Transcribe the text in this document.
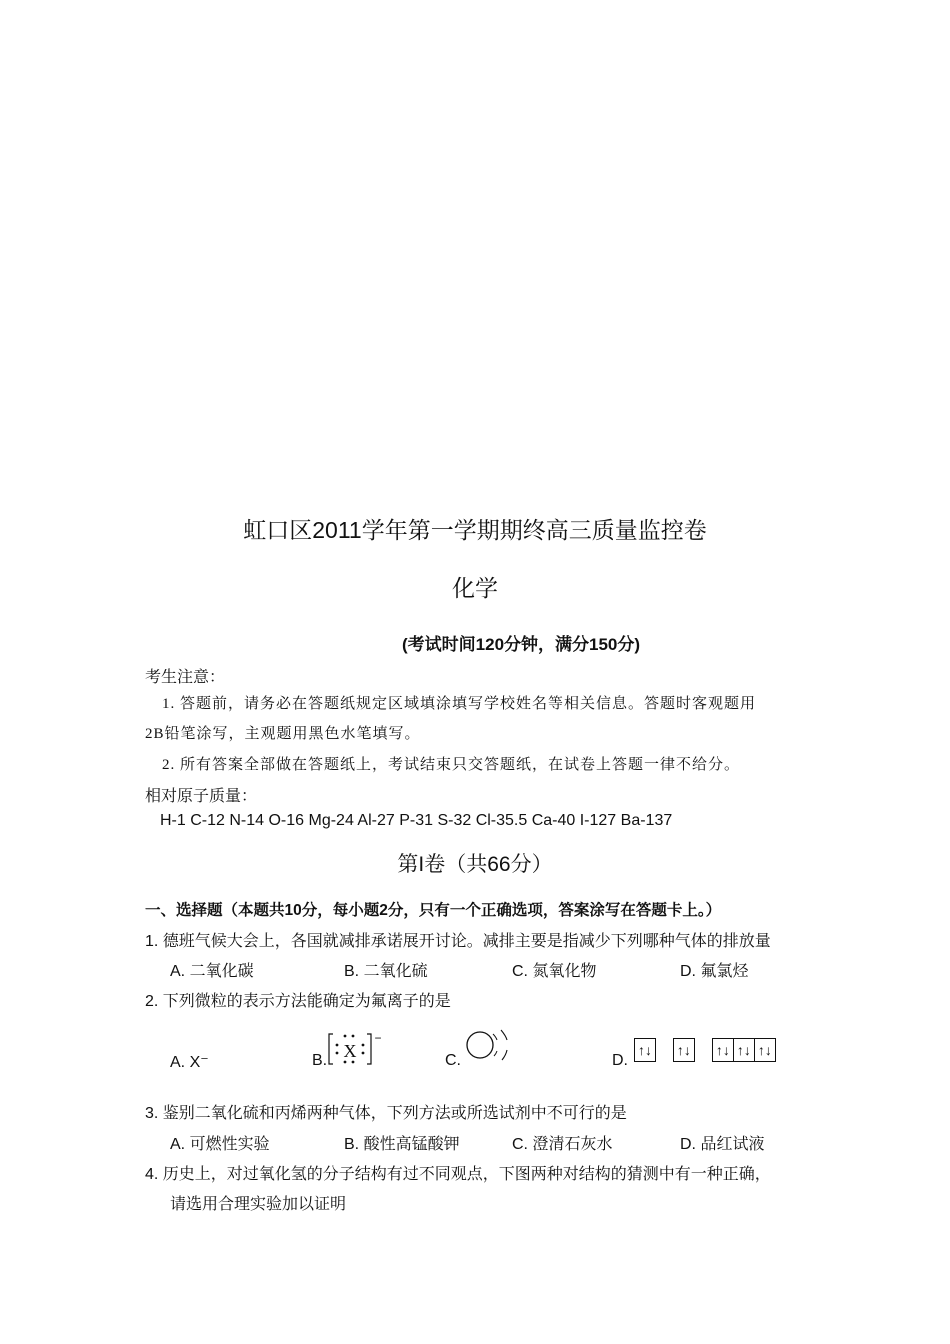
虹口区2011学年第一学期期终高三质量监控卷
化学
(考试时间120分钟，满分150分)
考生注意：
1. 答题前，请务必在答题纸规定区域填涂填写学校姓名等相关信息。答题时客观题用
2B铅笔涂写，主观题用黑色水笔填写。
2. 所有答案全部做在答题纸上，考试结束只交答题纸，在试卷上答题一律不给分。
相对原子质量：
H-1 C-12 N-14 O-16 Mg-24 Al-27 P-31 S-32 Cl-35.5 Ca-40 I-127 Ba-137
第I卷（共66分）
一、选择题（本题共10分，每小题2分，只有一个正确选项，答案涂写在答题卡上。）
1. 德班气候大会上，各国就减排承诺展开讨论。减排主要是指减少下列哪种气体的排放量
A. 二氧化碳	B. 二氧化硫	C. 氮氧化物	D. 氟氯烃
2. 下列微粒的表示方法能确定为氟离子的是
A. X⁻	B. X
−
C.	D.
↑↓ ↑↓ ↑↓ ↑↓ ↑↓
3. 鉴别二氧化硫和丙烯两种气体，下列方法或所选试剂中不可行的是
A. 可燃性实验	B. 酸性高锰酸钾	C. 澄清石灰水	D. 品红试液
4. 历史上，对过氧化氢的分子结构有过不同观点，下图两种对结构的猜测中有一种正确，
请选用合理实验加以证明
